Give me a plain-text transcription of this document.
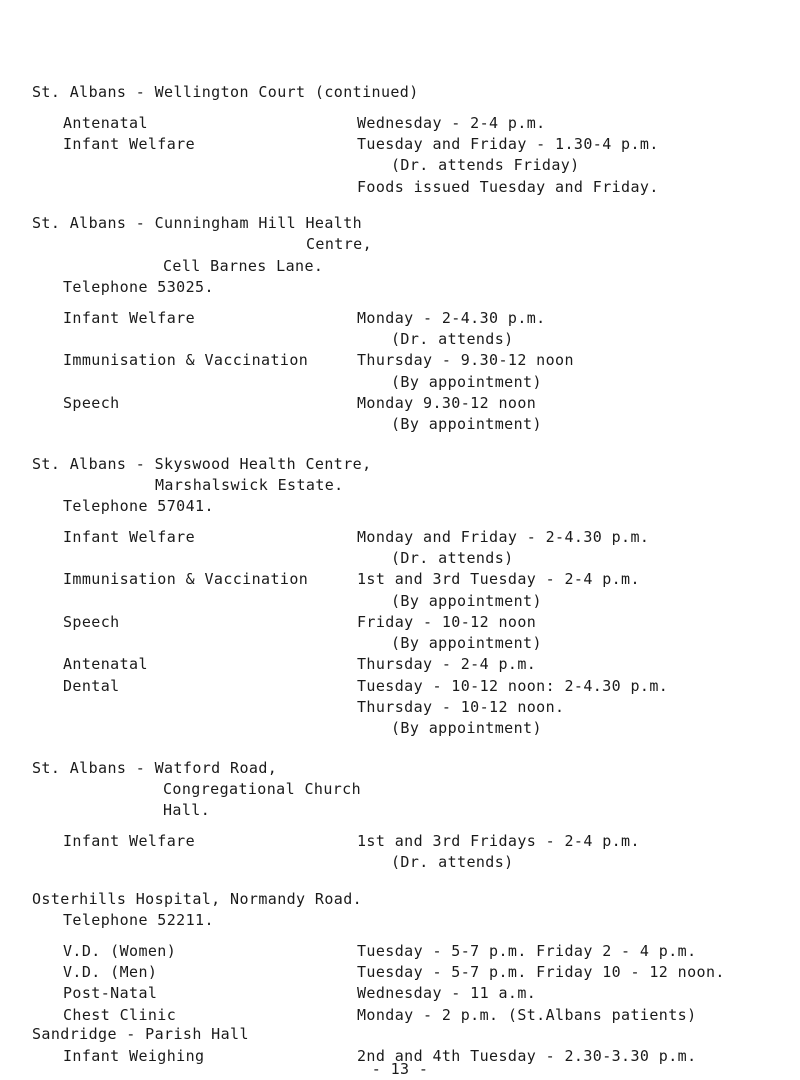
St. Albans - Wellington Court (continued)
Antenatal	Wednesday - 2-4 p.m.
Infant Welfare	Tuesday and Friday - 1.30-4 p.m.
(Dr. attends Friday)
Foods issued Tuesday and Friday.
St. Albans - Cunningham Hill Health
Centre,
Cell Barnes Lane.
Telephone 53025.
Infant Welfare	Monday - 2-4.30 p.m.
(Dr. attends)
Immunisation & Vaccination	Thursday - 9.30-12 noon
(By appointment)
Speech	Monday 9.30-12 noon
(By appointment)
St. Albans - Skyswood Health Centre,
Marshalswick Estate.
Telephone 57041.
Infant Welfare	Monday and Friday - 2-4.30 p.m.
(Dr. attends)
Immunisation & Vaccination	1st and 3rd Tuesday - 2-4 p.m.
(By appointment)
Speech	Friday - 10-12 noon
(By appointment)
Antenatal	Thursday - 2-4 p.m.
Dental	Tuesday - 10-12 noon: 2-4.30 p.m.
Thursday - 10-12 noon.
(By appointment)
St. Albans - Watford Road,
Congregational Church
Hall.
Infant Welfare	1st and 3rd Fridays - 2-4 p.m.
(Dr. attends)
Osterhills Hospital, Normandy Road.
Telephone 52211.
V.D. (Women)	Tuesday - 5-7 p.m. Friday 2 - 4 p.m.
V.D. (Men)	Tuesday - 5-7 p.m. Friday 10 - 12 noon.
Post-Natal	Wednesday - 11 a.m.
Chest Clinic	Monday - 2 p.m. (St.Albans patients)
Sandridge - Parish Hall
Infant Weighing	2nd and 4th Tuesday - 2.30-3.30 p.m.
- 13 -
